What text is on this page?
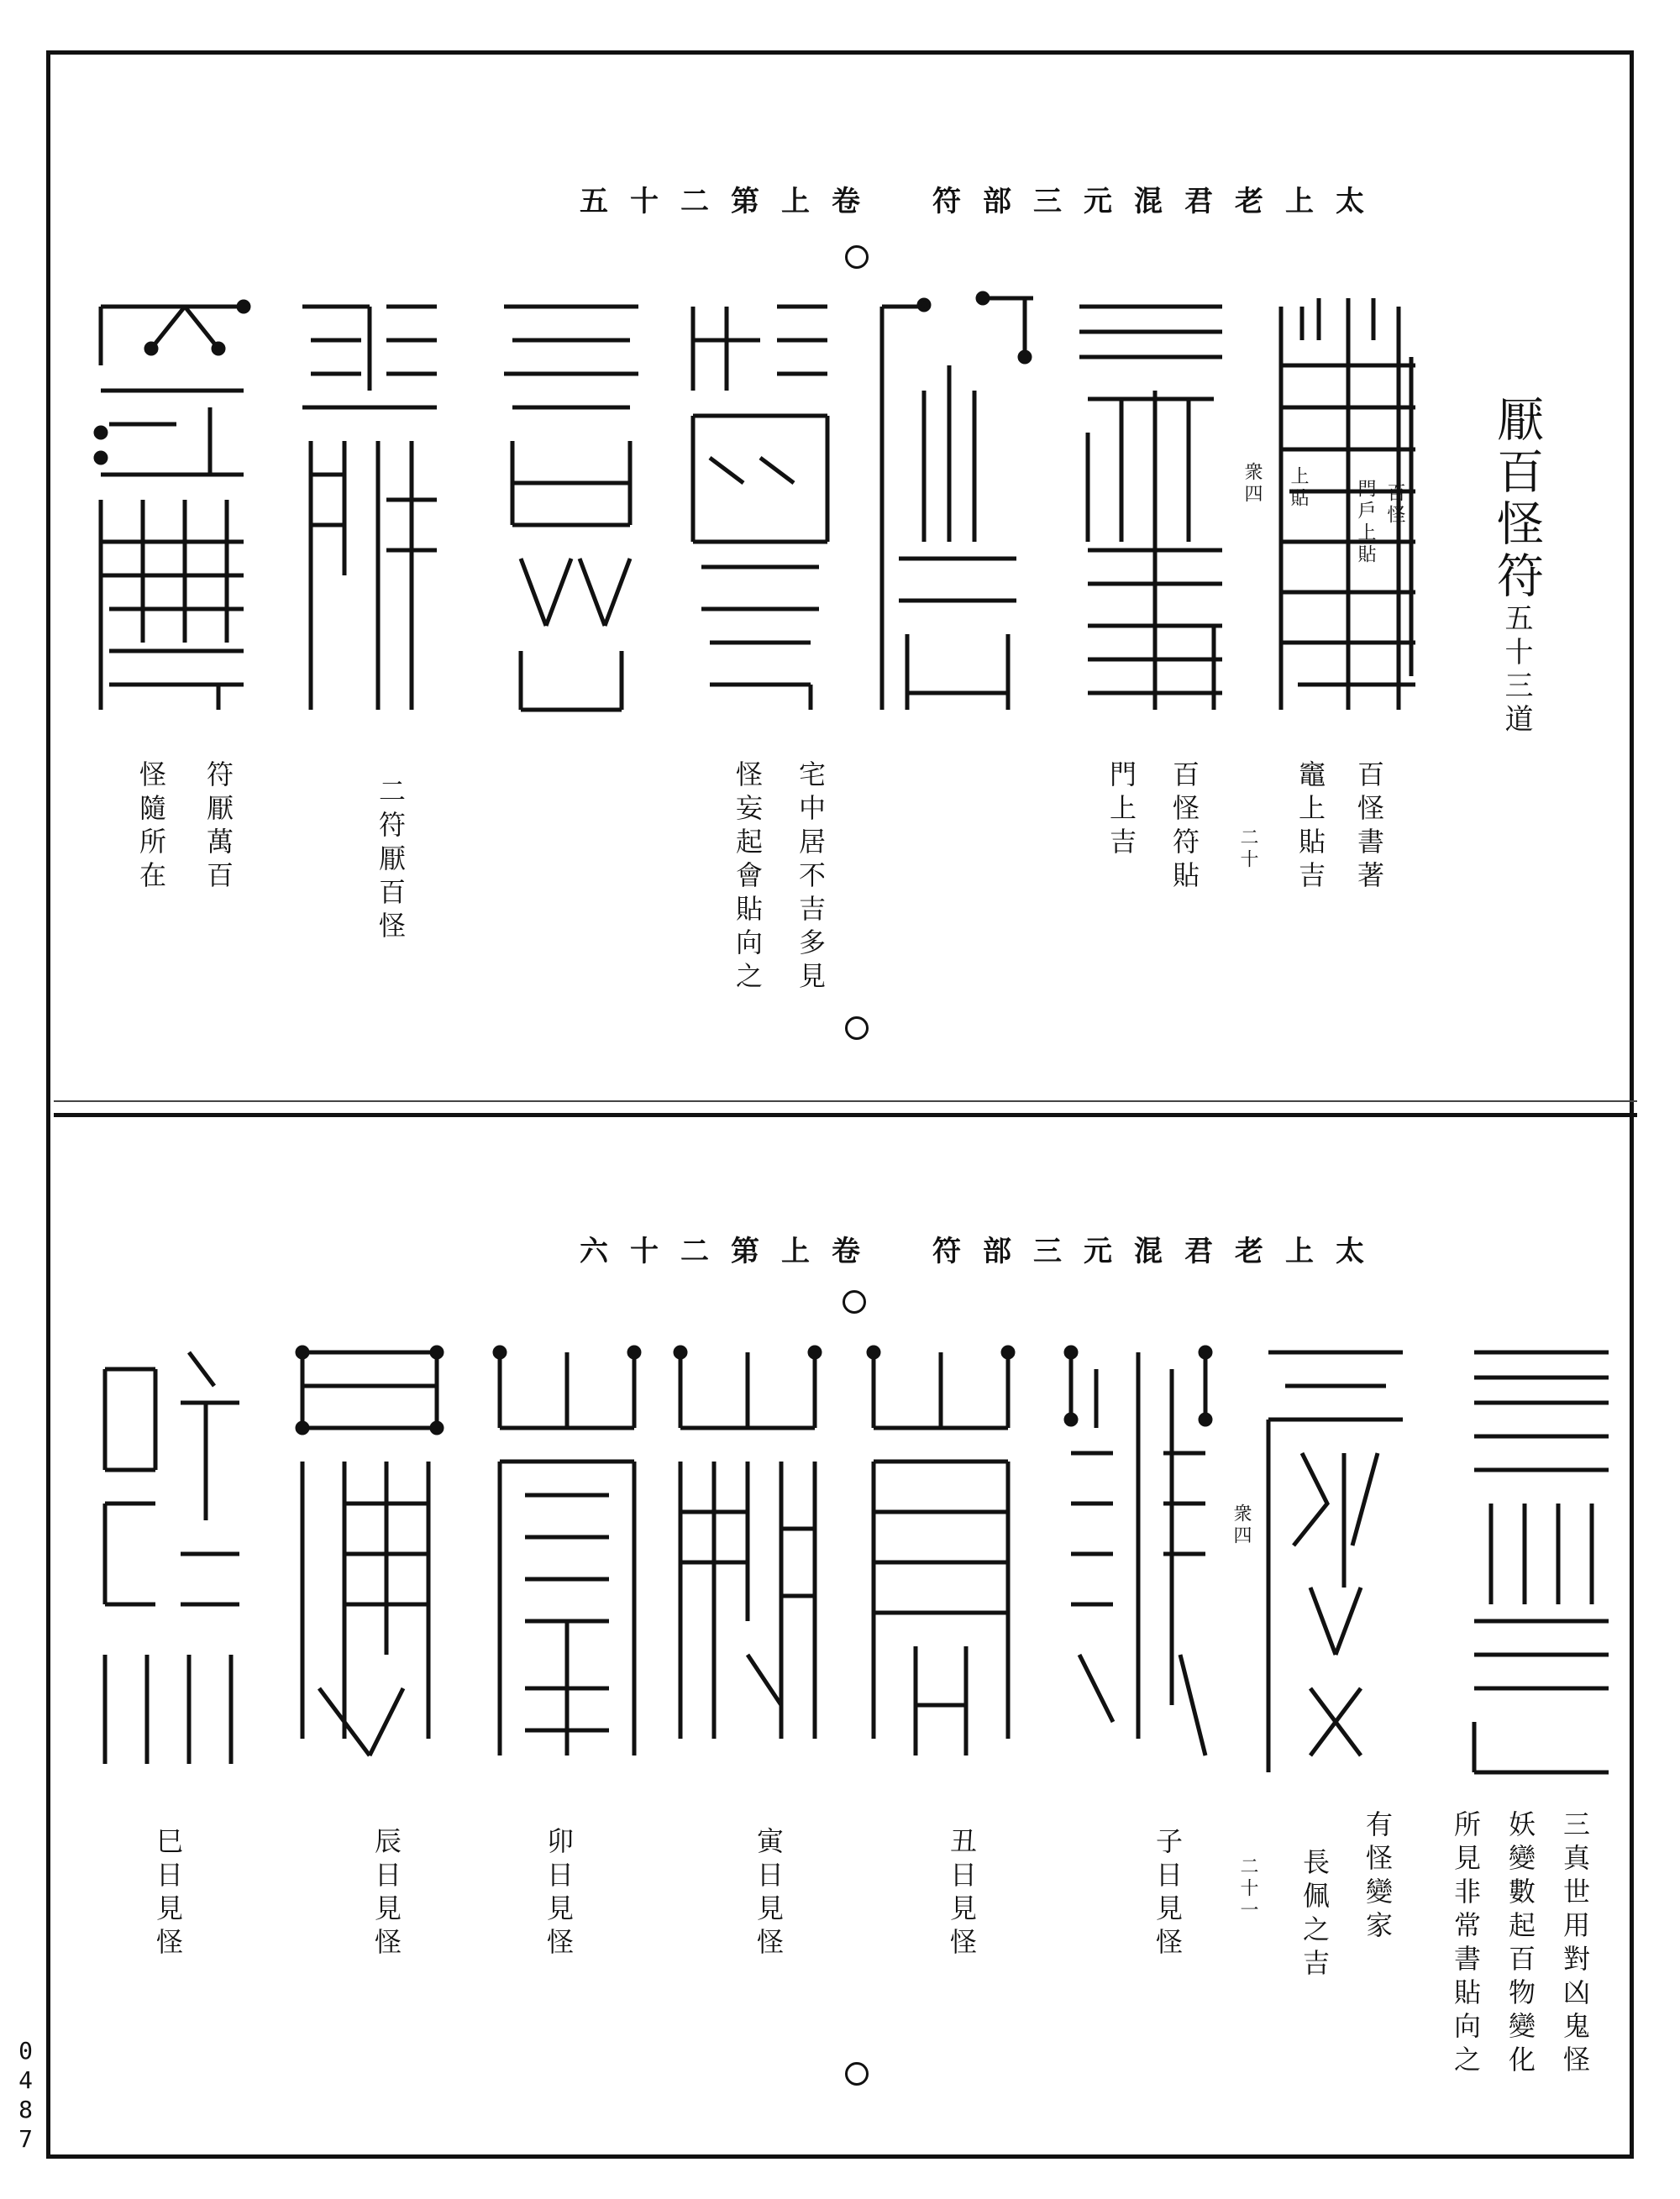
五十二第上卷　符部三元混君老上太
厭百怪符五十三道
門戶上貼
上貼	百怪
衆四
百怪書著
竈上貼吉
百怪符貼
門上吉	二十
宅中居不吉多見
怪妄起會貼向之
二符厭百怪
符厭萬百
怪隨所在
六十二第上卷　符部三元混君老上太
衆四
三真世用對凶鬼怪
妖變數起百物變化
所見非常書貼向之
有怪變家
長佩之吉
二十一
子日見怪
丑日見怪
寅日見怪
卯日見怪
辰日見怪
巳日見怪
0487
